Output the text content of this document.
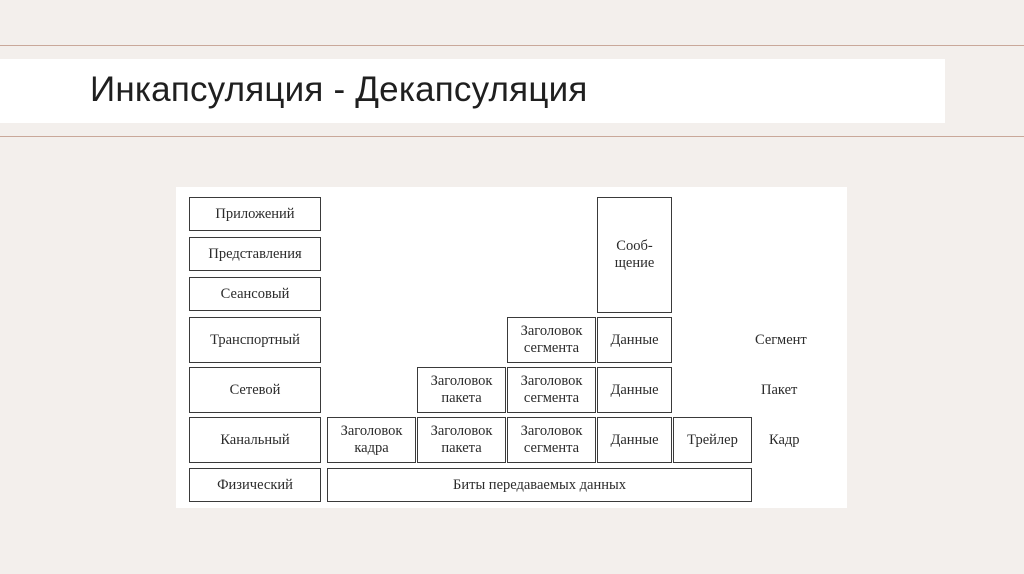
Инкапсуляция - Декапсуляция
Приложений
Представления
Сеансовый
Транспортный
Сетевой
Канальный
Физический
Сооб-
щение
Заголовок
сегмента
Данные	Сегмент
Заголовок
пакета
Заголовок
сегмента
Данные	Пакет
Заголовок
кадра
Заголовок
пакета
Заголовок
сегмента
Данные Трейлер Кадр
Биты передаваемых данных
